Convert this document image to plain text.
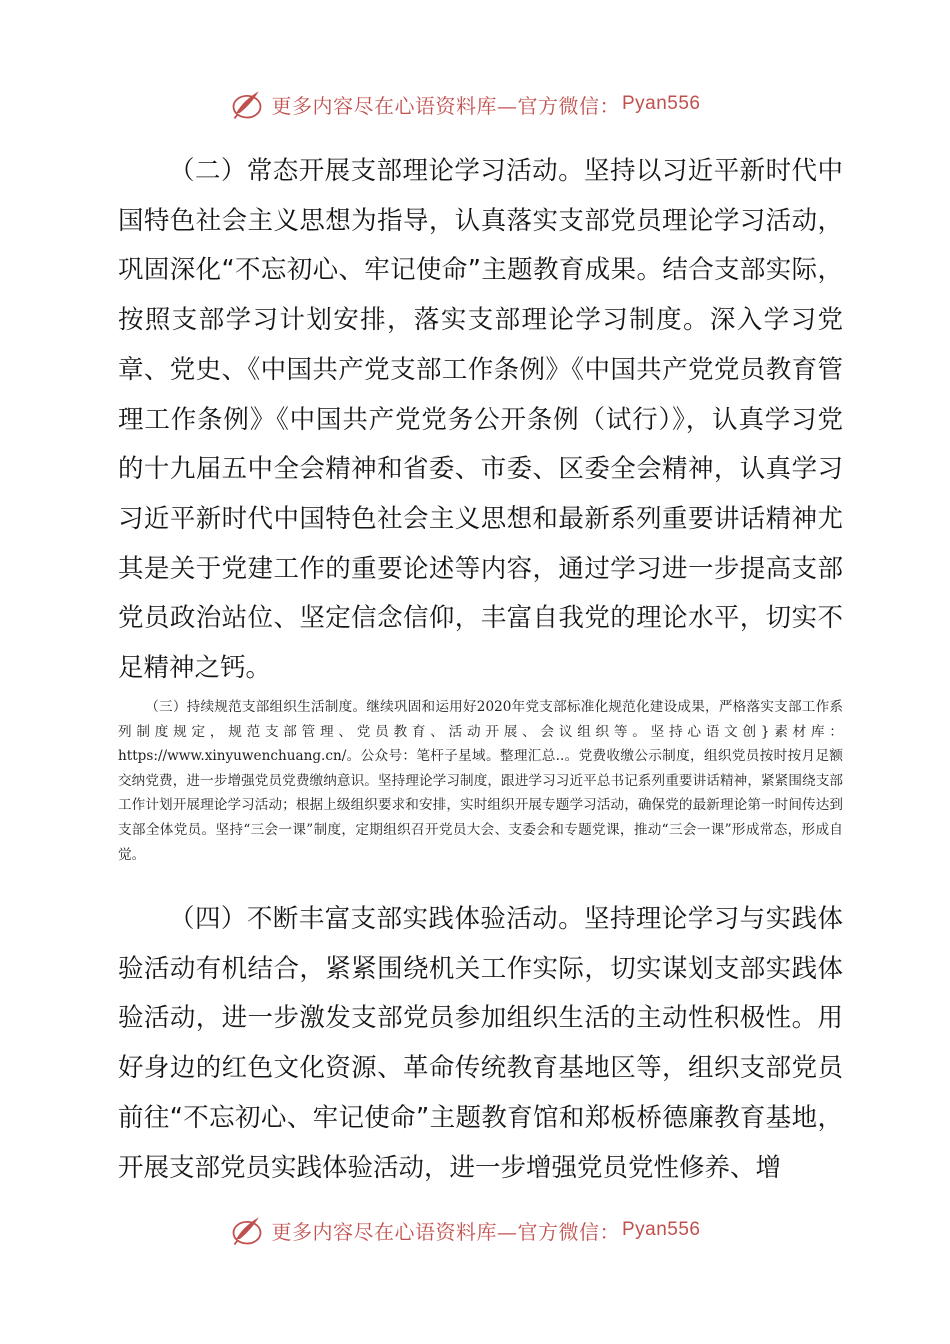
更多内容尽在心语资料库—官方微信： Pyan556

（二）常态开展支部理论学习活动。坚持以习近平新时代中国特色社会主义思想为指导，认真落实支部党员理论学习活动，巩固深化“不忘初心、牢记使命”主题教育成果。结合支部实际，按照支部学习计划安排，落实支部理论学习制度。深入学习党章、党史、《中国共产党支部工作条例》《中国共产党党员教育管理工作条例》《中国共产党党务公开条例（试行）》，认真学习党的十九届五中全会精神和省委、市委、区委全会精神，认真学习习近平新时代中国特色社会主义思想和最新系列重要讲话精神尤其是关于党建工作的重要论述等内容，通过学习进一步提高支部党员政治站位、坚定信念信仰，丰富自我党的理论水平，切实不足精神之钙。

（三）持续规范支部组织生活制度。继续巩固和运用好2020年党支部标准化规范化建设成果，严格落实支部工作系列制度规定，规范支部管理、党员教育、活动开展、会议组织等。坚持心语文创}素材库：https://www.xinyuwenchuang.cn/。公众号：笔杆子星域。整理汇总..。党费收缴公示制度，组织党员按时按月足额交纳党费，进一步增强党员党费缴纳意识。坚持理论学习制度，跟进学习习近平总书记系列重要讲话精神，紧紧围绕支部工作计划开展理论学习活动；根据上级组织要求和安排，实时组织开展专题学习活动，确保党的最新理论第一时间传达到支部全体党员。坚持“三会一课”制度，定期组织召开党员大会、支委会和专题党课，推动“三会一课”形成常态，形成自觉。

（四）不断丰富支部实践体验活动。坚持理论学习与实践体验活动有机结合，紧紧围绕机关工作实际，切实谋划支部实践体验活动，进一步激发支部党员参加组织生活的主动性积极性。用好身边的红色文化资源、革命传统教育基地区等，组织支部党员前往“不忘初心、牢记使命”主题教育馆和郑板桥德廉教育基地，开展支部党员实践体验活动，进一步增强党员党性修养、增

更多内容尽在心语资料库—官方微信： Pyan556
